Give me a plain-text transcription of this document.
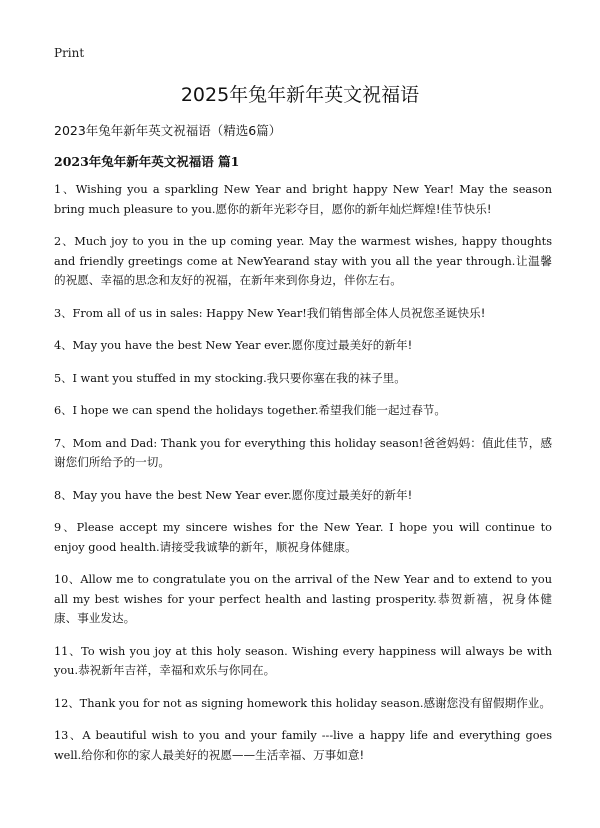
Print
2025年兔年新年英文祝福语
2023年兔年新年英文祝福语（精选6篇）
2023年兔年新年英文祝福语 篇1
1、Wishing you a sparkling New Year and bright happy New Year! May the season bring much pleasure to you.愿你的新年光彩夺目，愿你的新年灿烂辉煌!佳节快乐!
2、Much joy to you in the up coming year. May the warmest wishes, happy thoughts and friendly greetings come at NewYearand stay with you all the year through.让温馨的祝愿、幸福的思念和友好的祝福，在新年来到你身边，伴你左右。
3、From all of us in sales: Happy New Year!我们销售部全体人员祝您圣诞快乐!
4、May you have the best New Year ever.愿你度过最美好的新年!
5、I want you stuffed in my stocking.我只要你塞在我的袜子里。
6、I hope we can spend the holidays together.希望我们能一起过春节。
7、Mom and Dad: Thank you for everything this holiday season!爸爸妈妈：值此佳节，感谢您们所给予的一切。
8、May you have the best New Year ever.愿你度过最美好的新年!
9、Please accept my sincere wishes for the New Year. I hope you will continue to enjoy good health.请接受我诚挚的新年，顺祝身体健康。
10、Allow me to congratulate you on the arrival of the New Year and to extend to you all my best wishes for your perfect health and lasting prosperity.恭贺新禧，祝身体健康、事业发达。
11、To wish you joy at this holy season. Wishing every happiness will always be with you.恭祝新年吉祥，幸福和欢乐与你同在。
12、Thank you for not as signing homework this holiday season.感谢您没有留假期作业。
13、A beautiful wish to you and your family ---live a happy life and everything goes well.给你和你的家人最美好的祝愿——生活幸福、万事如意!
